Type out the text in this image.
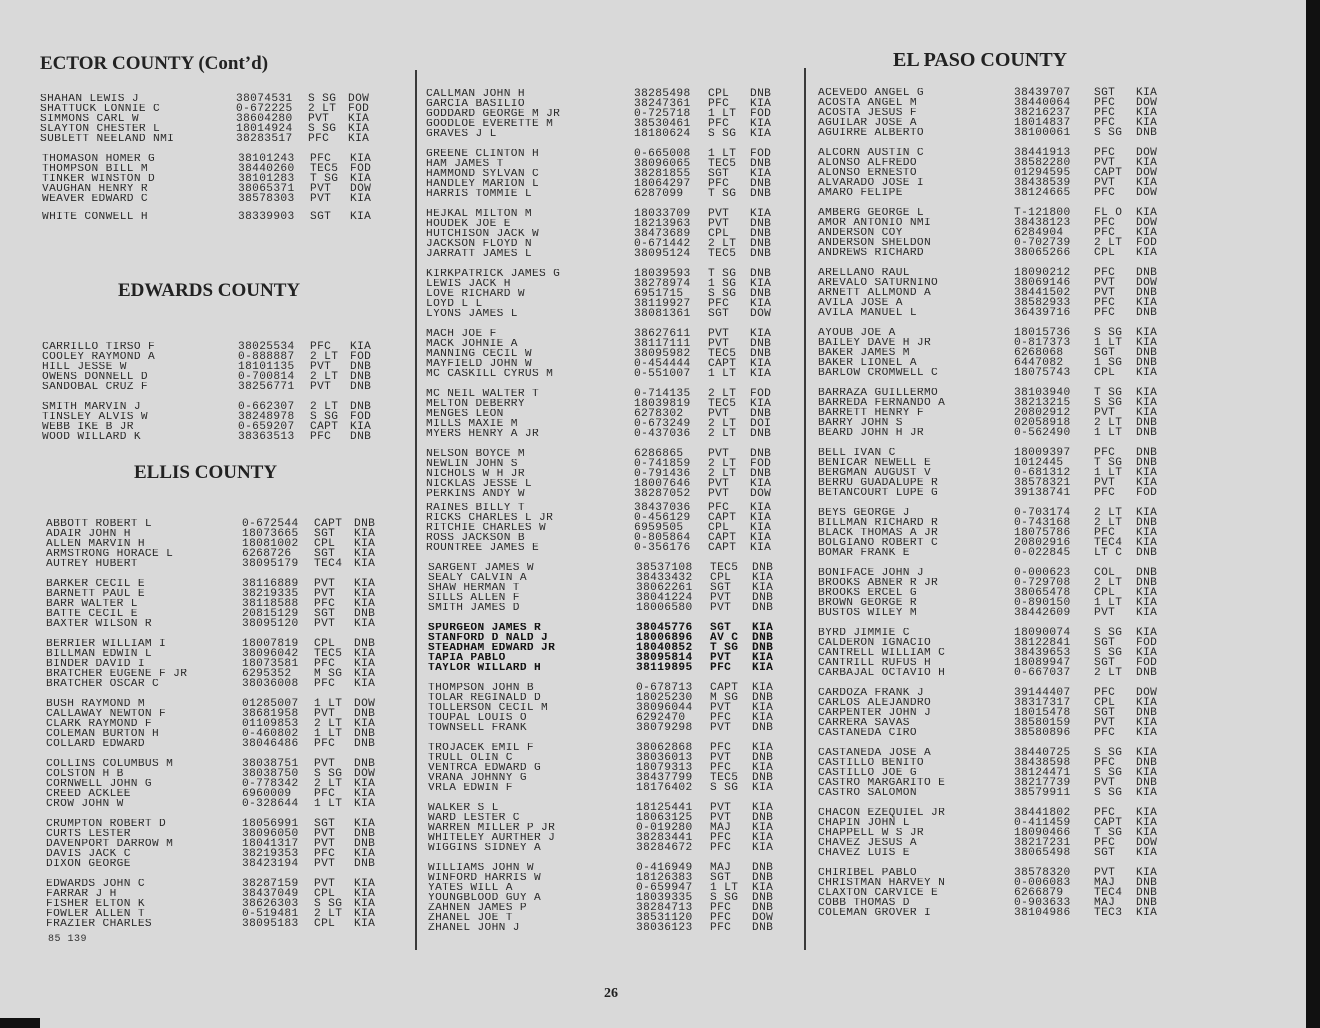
ECTOR COUNTY (Cont’d)
EDWARDS COUNTY
ELLIS COUNTY
EL PASO COUNTY
26
85 139
SHAHAN LEWIS J	38074531	S SG	DOW
SHATTUCK LONNIE C	0-672225	2 LT	FOD
SIMMONS CARL W	38604280	PVT	KIA
SLAYTON CHESTER L	18014924	S SG	KIA
SUBLETT NEELAND NMI	38283517	PFC	KIA
THOMASON HOMER G	38101243	PFC	KIA
THOMPSON BILL M	38440260	TEC5	FOD
TINKER WINSTON D	38101283	T SG	KIA
VAUGHAN HENRY R	38065371	PVT	DOW
WEAVER EDWARD C	38578303	PVT	KIA
WHITE CONWELL H	38339903	SGT	KIA
CARRILLO TIRSO F	38025534	PFC	KIA
COOLEY RAYMOND A	0-888887	2 LT	FOD
HILL JESSE W	18101135	PVT	DNB
OWENS DONNELL D	0-700814	2 LT	DNB
SANDOBAL CRUZ F	38256771	PVT	DNB
SMITH MARVIN J	0-662307	2 LT	DNB
TINSLEY ALVIS W	38248978	S SG	FOD
WEBB IKE B JR	0-659207	CAPT	KIA
WOOD WILLARD K	38363513	PFC	DNB
ABBOTT ROBERT L	0-672544	CAPT	DNB
ADAIR JOHN H	18073665	SGT	KIA
ALLEN MARVIN H	18081002	CPL	KIA
ARMSTRONG HORACE L	6268726	SGT	KIA
AUTREY HUBERT	38095179	TEC4	KIA
BARKER CECIL E	38116889	PVT	KIA
BARNETT PAUL E	38219335	PVT	KIA
BARR WALTER L	38118588	PFC	KIA
BATTE CECIL E	20815129	SGT	DNB
BAXTER WILSON R	38095120	PVT	KIA
BERRIER WILLIAM I	18007819	CPL	DNB
BILLMAN EDWIN L	38096042	TEC5	KIA
BINDER DAVID I	18073581	PFC	KIA
BRATCHER EUGENE F JR	6295352	M SG	KIA
BRATCHER OSCAR C	38036008	PFC	KIA
BUSH RAYMOND M	01285007	1 LT	DOW
CALLAWAY NEWTON F	38681958	PVT	DNB
CLARK RAYMOND F	01109853	2 LT	KIA
COLEMAN BURTON H	0-460802	1 LT	DNB
COLLARD EDWARD	38046486	PFC	DNB
COLLINS COLUMBUS M	38038751	PVT	DNB
COLSTON H B	38038750	S SG	DOW
CORNWELL JOHN G	0-778342	2 LT	KIA
CREED ACKLEE	6960009	PFC	KIA
CROW JOHN W	0-328644	1 LT	KIA
CRUMPTON ROBERT D	18056991	SGT	KIA
CURTS LESTER	38096050	PVT	DNB
DAVENPORT DARROW M	18041317	PVT	DNB
DAVIS JACK C	38219353	PFC	KIA
DIXON GEORGE	38423194	PVT	DNB
EDWARDS JOHN C	38287159	PVT	KIA
FARRAR J H	38437049	CPL	KIA
FISHER ELTON K	38626303	S SG	KIA
FOWLER ALLEN T	0-519481	2 LT	KIA
FRAZIER CHARLES	38095183	CPL	KIA
CALLMAN JOHN H	38285498	CPL	DNB
GARCIA BASILIO	38247361	PFC	KIA
GODDARD GEORGE M JR	0-725718	1 LT	FOD
GOODLOE EVERETTE M	38530461	PFC	KIA
GRAVES J L	18180624	S SG	KIA
GREENE CLINTON H	0-665008	1 LT	FOD
HAM JAMES T	38096065	TEC5	DNB
HAMMOND SYLVAN C	38281855	SGT	KIA
HANDLEY MARION L	18064297	PFC	DNB
HARRIS TOMMIE L	6287099	T SG	DNB
HEJKAL MILTON M	18033709	PVT	KIA
HOUDEK JOE E	18213963	PVT	DNB
HUTCHISON JACK W	38473689	CPL	DNB
JACKSON FLOYD N	0-671442	2 LT	DNB
JARRATT JAMES L	38095124	TEC5	DNB
KIRKPATRICK JAMES G	18039593	T SG	DNB
LEWIS JACK H	38278974	1 SG	KIA
LOVE RICHARD W	6951715	S SG	DNB
LOYD L L	38119927	PFC	KIA
LYONS JAMES L	38081361	SGT	DOW
MACH JOE F	38627611	PVT	KIA
MACK JOHNIE A	38117111	PVT	DNB
MANNING CECIL W	38095982	TEC5	DNB
MAYFIELD JOHN W	0-454444	CAPT	KIA
MC CASKILL CYRUS M	0-551007	1 LT	KIA
MC NEIL WALTER T	0-714135	2 LT	FOD
MELTON DEBERRY	18039819	TEC5	KIA
MENGES LEON	6278302	PVT	DNB
MILLS MAXIE M	0-673249	2 LT	DOI
MYERS HENRY A JR	0-437036	2 LT	DNB
NELSON BOYCE M	6286865	PVT	DNB
NEWLIN JOHN S	0-741859	2 LT	FOD
NICHOLS W H JR	0-791436	2 LT	DNB
NICKLAS JESSE L	18007646	PVT	KIA
PERKINS ANDY W	38287052	PVT	DOW
RAINES BILLY T	38437036	PFC	KIA
RICKS CHARLES L JR	0-456129	CAPT	KIA
RITCHIE CHARLES W	6959505	CPL	KIA
ROSS JACKSON B	0-805864	CAPT	KIA
ROUNTREE JAMES E	0-356176	CAPT	KIA
SARGENT JAMES W	38537108	TEC5	DNB
SEALY CALVIN A	38433432	CPL	KIA
SHAW HERMAN T	38062261	SGT	KIA
SILLS ALLEN F	38041224	PVT	DNB
SMITH JAMES D	18006580	PVT	DNB
SPURGEON JAMES R	38045776	SGT	KIA
STANFORD D NALD J	18006896	AV C	DNB
STEADHAM EDWARD JR	18040852	T SG	DNB
TAPIA PABLO	38095814	PVT	KIA
TAYLOR WILLARD H	38119895	PFC	KIA
THOMPSON JOHN B	0-678713	CAPT	KIA
TOLAR REGINALD D	18025230	M SG	DNB
TOLLERSON CECIL M	38096044	PVT	KIA
TOUPAL LOUIS O	6292470	PFC	KIA
TOWNSELL FRANK	38079298	PVT	DNB
TROJACEK EMIL F	38062868	PFC	KIA
TRULL OLIN C	38036013	PVT	DNB
VENTRCA EDWARD G	18079313	PFC	KIA
VRANA JOHNNY G	38437799	TEC5	DNB
VRLA EDWIN F	18176402	S SG	KIA
WALKER S L	18125441	PVT	KIA
WARD LESTER C	18063125	PVT	DNB
WARREN MILLER P JR	0-019280	MAJ	KIA
WHITELEY AURTHER J	38283441	PFC	KIA
WIGGINS SIDNEY A	38284672	PFC	KIA
WILLIAMS JOHN W	0-416949	MAJ	DNB
WINFORD HARRIS W	18126383	SGT	DNB
YATES WILL A	0-659947	1 LT	KIA
YOUNGBLOOD GUY A	18039335	S SG	DNB
ZAHNEN JAMES P	38284713	PFC	DNB
ZHANEL JOE T	38531120	PFC	DOW
ZHANEL JOHN J	38036123	PFC	DNB
ACEVEDO ANGEL G	38439707	SGT	KIA
ACOSTA ANGEL M	38440064	PFC	DOW
ACOSTA JESUS F	38216237	PFC	KIA
AGUILAR JOSE A	18014837	PFC	KIA
AGUIRRE ALBERTO	38100061	S SG	DNB
ALCORN AUSTIN C	38441913	PFC	DOW
ALONSO ALFREDO	38582280	PVT	KIA
ALONSO ERNESTO	01294595	CAPT	DOW
ALVARADO JOSE I	38438539	PVT	KIA
AMARO FELIPE	38124665	PFC	DOW
AMBERG GEORGE L	T-121800	FL O	KIA
AMOR ANTONIO NMI	38438123	PFC	DOW
ANDERSON COY	6284904	PFC	KIA
ANDERSON SHELDON	0-702739	2 LT	FOD
ANDREWS RICHARD	38065266	CPL	KIA
ARELLANO RAUL	18090212	PFC	DNB
AREVALO SATURNINO	38069146	PVT	DOW
ARNETT ALLMOND A	38441502	PVT	DNB
AVILA JOSE A	38582933	PFC	KIA
AVILA MANUEL L	36439716	PFC	DNB
AYOUB JOE A	18015736	S SG	KIA
BAILEY DAVE H JR	0-817373	1 LT	KIA
BAKER JAMES M	6268068	SGT	DNB
BAKER LIONEL A	6447082	1 SG	DNB
BARLOW CROMWELL C	18075743	CPL	KIA
BARRAZA GUILLERMO	38103940	T SG	KIA
BARREDA FERNANDO A	38213215	S SG	KIA
BARRETT HENRY F	20802912	PVT	KIA
BARRY JOHN S	02058918	2 LT	DNB
BEARD JOHN H JR	0-562490	1 LT	DNB
BELL IVAN C	18009397	PFC	DNB
BENICAR NEWELL E	1012445	T SG	DNB
BERGMAN AUGUST V	0-681312	1 LT	KIA
BERRU GUADALUPE R	38578321	PVT	KIA
BETANCOURT LUPE G	39138741	PFC	FOD
BEYS GEORGE J	0-703174	2 LT	KIA
BILLMAN RICHARD R	0-743168	2 LT	DNB
BLACK THOMAS A JR	18075786	PFC	KIA
BOLGIANO ROBERT C	20802916	TEC4	KIA
BOMAR FRANK E	0-022845	LT C	DNB
BONIFACE JOHN J	0-000623	COL	DNB
BROOKS ABNER R JR	0-729708	2 LT	DNB
BROOKS ERCEL G	38065478	CPL	KIA
BROWN GEORGE R	0-890150	1 LT	KIA
BUSTOS WILEY M	38442609	PVT	KIA
BYRD JIMMIE C	18090074	S SG	KIA
CALDERON IGNACIO	38122841	SGT	FOD
CANTRELL WILLIAM C	38439653	S SG	KIA
CANTRILL RUFUS H	18089947	SGT	FOD
CARBAJAL OCTAVIO H	0-667037	2 LT	DNB
CARDOZA FRANK J	39144407	PFC	DOW
CARLOS ALEJANDRO	38317317	CPL	KIA
CARPENTER JOHN J	18015478	SGT	DNB
CARRERA SAVAS	38580159	PVT	KIA
CASTANEDA CIRO	38580896	PFC	KIA
CASTANEDA JOSE A	38440725	S SG	KIA
CASTILLO BENITO	38438598	PFC	DNB
CASTILLO JOE G	38124471	S SG	KIA
CASTRO MARGARITO E	38217739	PVT	DNB
CASTRO SALOMON	38579911	S SG	KIA
CHACON EZEQUIEL JR	38441802	PFC	KIA
CHAPIN JOHN L	0-411459	CAPT	KIA
CHAPPELL W S JR	18090466	T SG	KIA
CHAVEZ JESUS A	38217231	PFC	DOW
CHAVEZ LUIS E	38065498	SGT	KIA
CHIRIBEL PABLO	38578320	PVT	KIA
CHRISTMAN HARVEY N	0-006083	MAJ	DNB
CLAXTON CARVICE E	6266879	TEC4	DNB
COBB THOMAS D	0-903633	MAJ	DNB
COLEMAN GROVER I	38104986	TEC3	KIA
